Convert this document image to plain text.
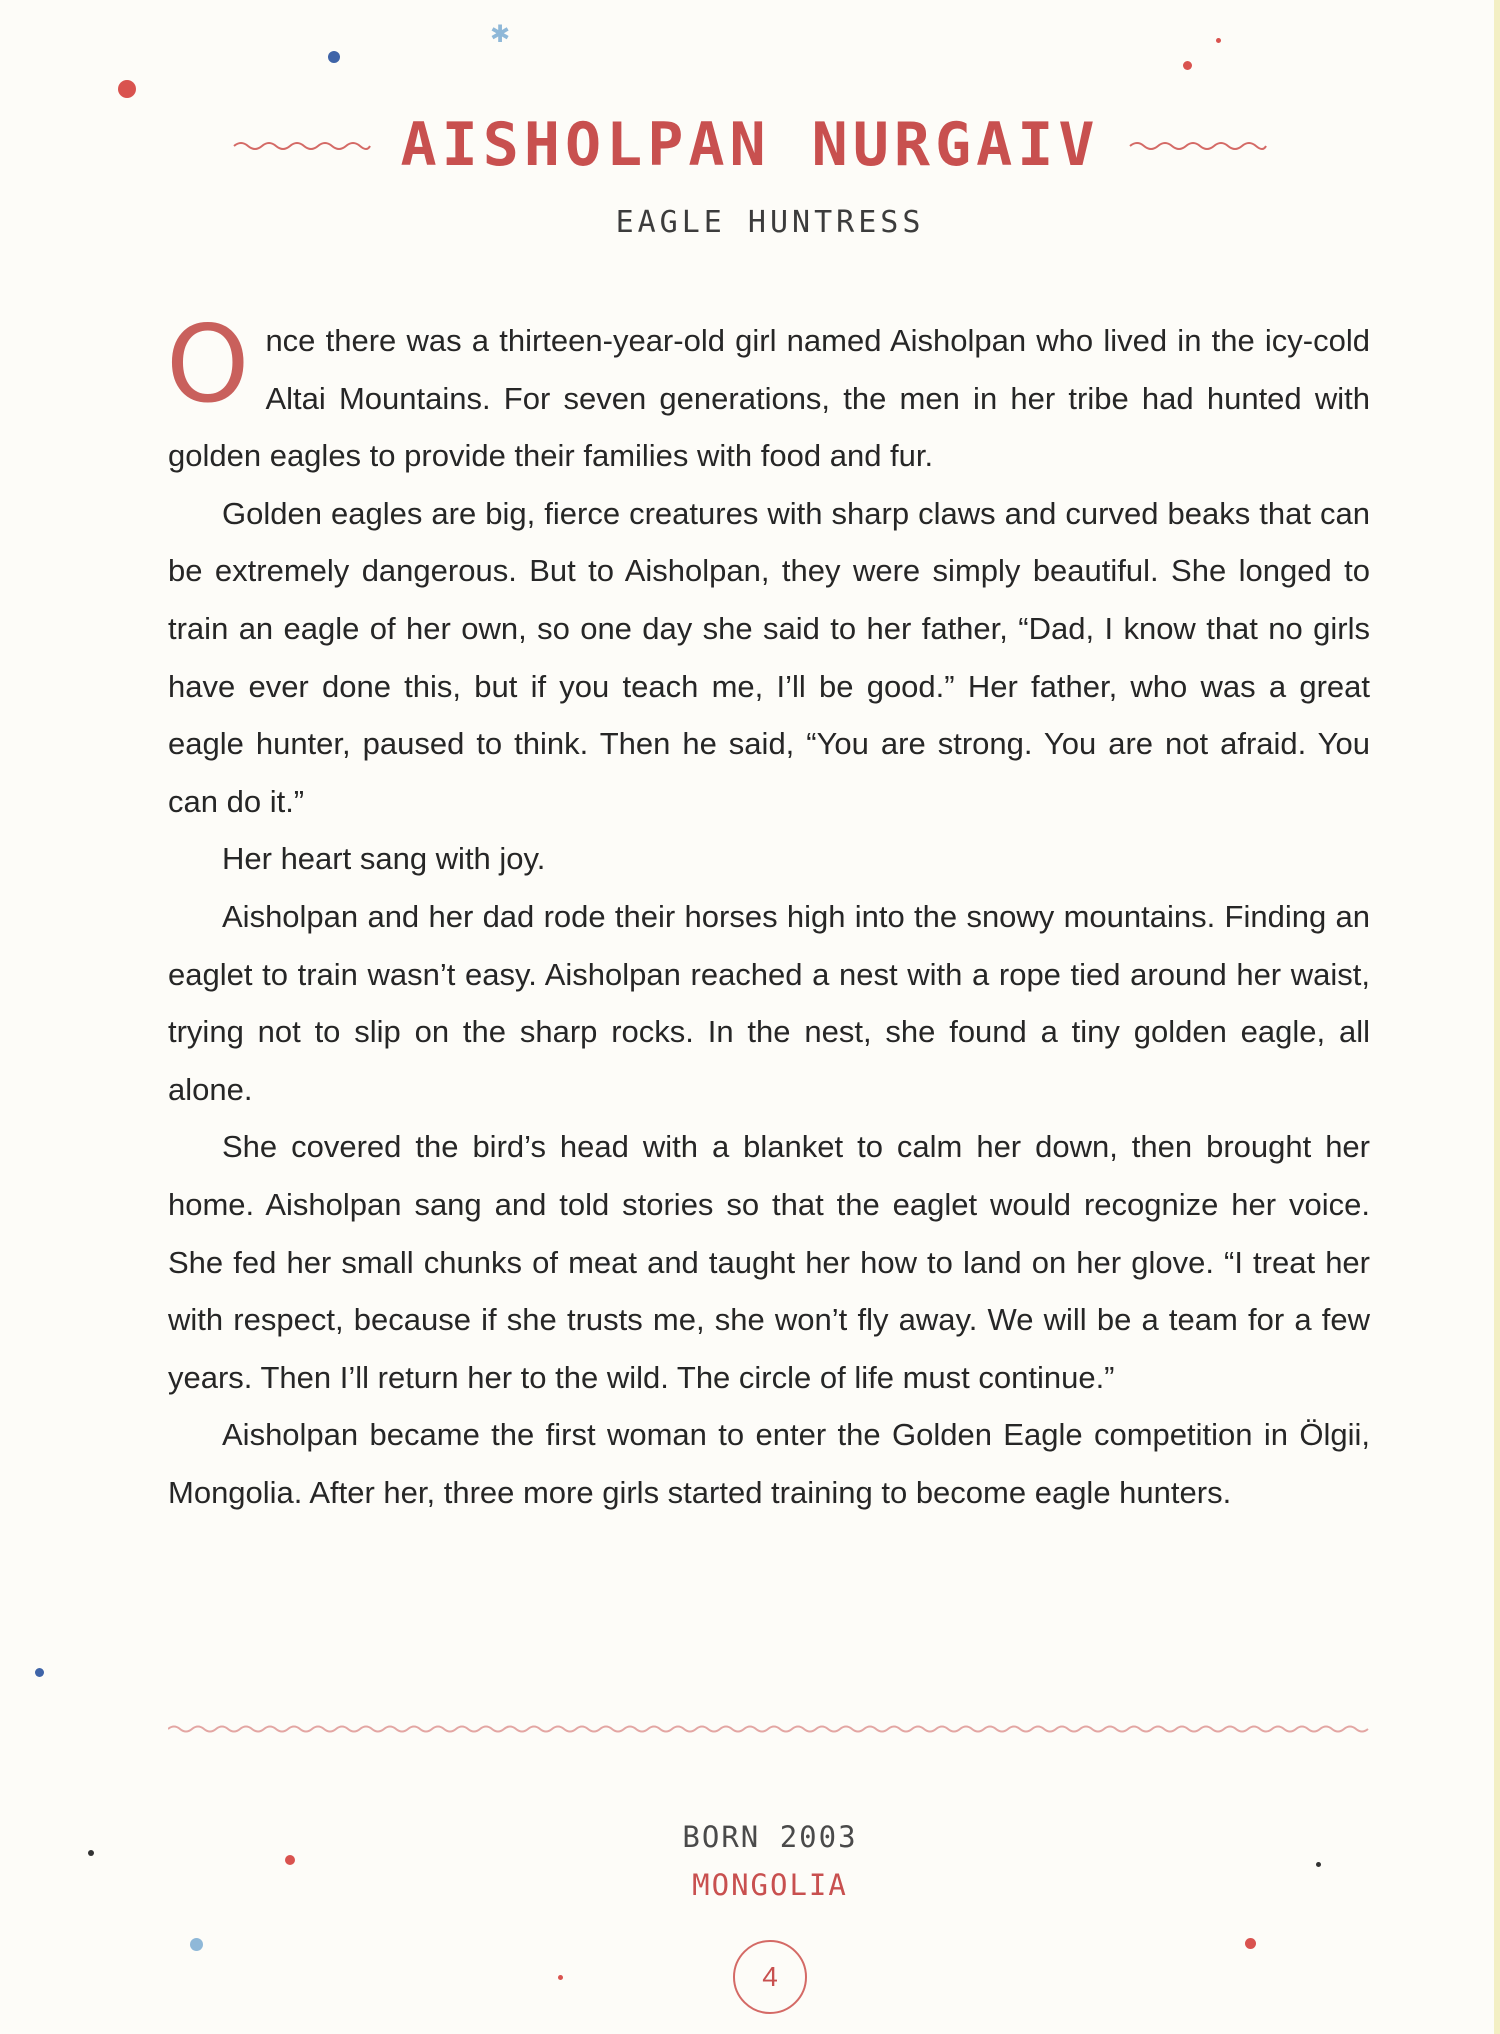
✱
AISHOLPAN NURGAIV
EAGLE HUNTRESS

Once there was a thirteen-year-old girl named Aisholpan who lived in the icy-cold Altai Mountains. For seven generations, the men in her tribe had hunted with golden eagles to provide their families with food and fur.

Golden eagles are big, fierce creatures with sharp claws and curved beaks that can be extremely dangerous. But to Aisholpan, they were simply beautiful. She longed to train an eagle of her own, so one day she said to her father, “Dad, I know that no girls have ever done this, but if you teach me, I’ll be good.” Her father, who was a great eagle hunter, paused to think. Then he said, “You are strong. You are not afraid. You can do it.”

Her heart sang with joy.

Aisholpan and her dad rode their horses high into the snowy mountains. Finding an eaglet to train wasn’t easy. Aisholpan reached a nest with a rope tied around her waist, trying not to slip on the sharp rocks. In the nest, she found a tiny golden eagle, all alone.

She covered the bird’s head with a blanket to calm her down, then brought her home. Aisholpan sang and told stories so that the eaglet would recognize her voice. She fed her small chunks of meat and taught her how to land on her glove. “I treat her with respect, because if she trusts me, she won’t fly away. We will be a team for a few years. Then I’ll return her to the wild. The circle of life must continue.”

Aisholpan became the first woman to enter the Golden Eagle competition in Ölgii, Mongolia. After her, three more girls started training to become eagle hunters.

BORN 2003
MONGOLIA
4
